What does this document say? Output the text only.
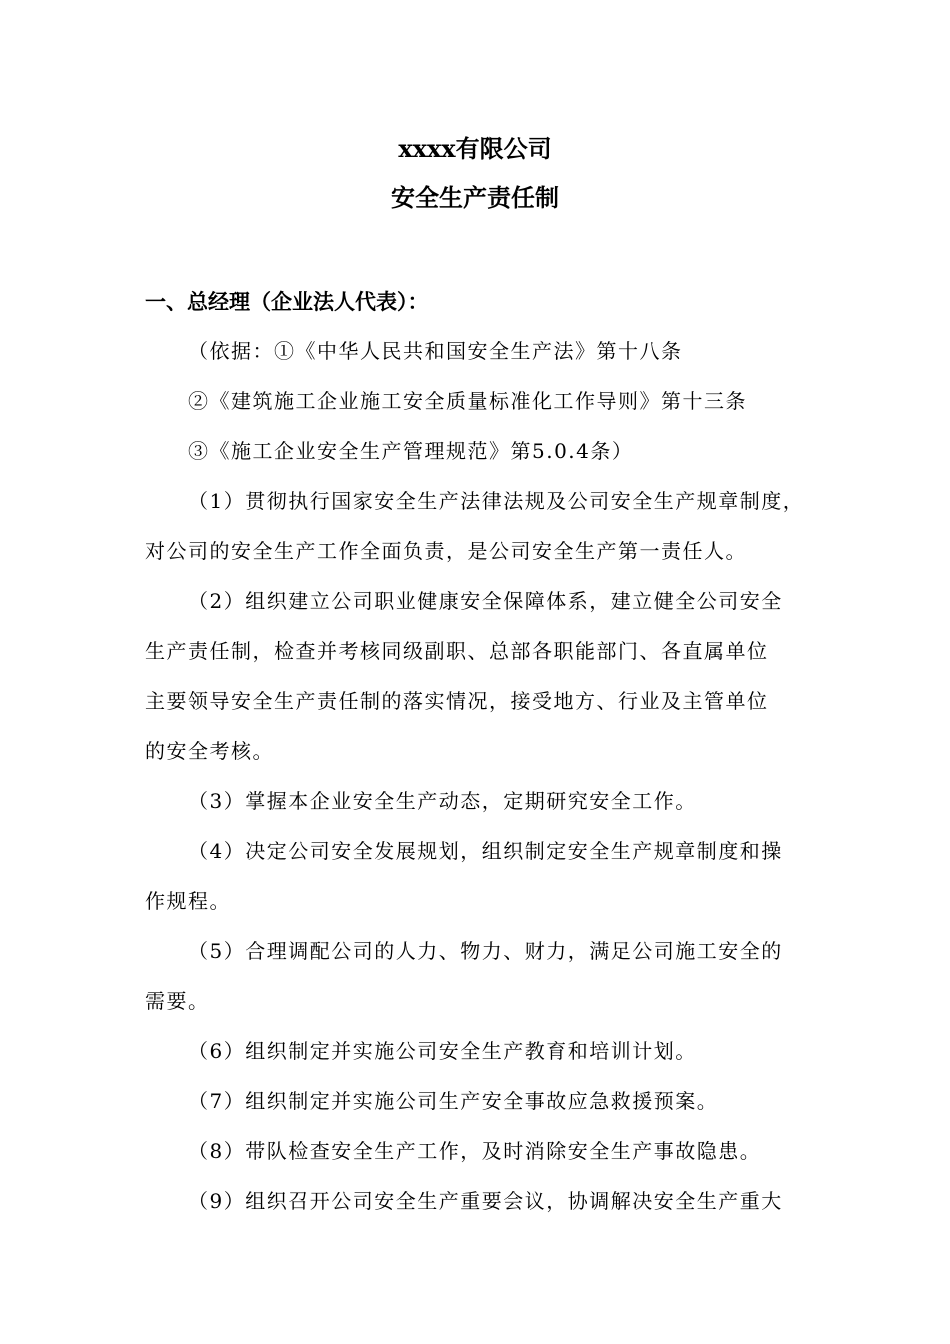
xxxx有限公司
安全生产责任制
一、总经理（企业法人代表）：
（依据：①《中华人民共和国安全生产法》第十八条
②《建筑施工企业施工安全质量标准化工作导则》第十三条
③《施工企业安全生产管理规范》第5.0.4条）
（1）贯彻执行国家安全生产法律法规及公司安全生产规章制度，
对公司的安全生产工作全面负责，是公司安全生产第一责任人。
（2）组织建立公司职业健康安全保障体系，建立健全公司安全
生产责任制，检查并考核同级副职、总部各职能部门、各直属单位
主要领导安全生产责任制的落实情况，接受地方、行业及主管单位
的安全考核。
（3）掌握本企业安全生产动态，定期研究安全工作。
（4）决定公司安全发展规划，组织制定安全生产规章制度和操
作规程。
（5）合理调配公司的人力、物力、财力，满足公司施工安全的
需要。
（6）组织制定并实施公司安全生产教育和培训计划。
（7）组织制定并实施公司生产安全事故应急救援预案。
（8）带队检查安全生产工作，及时消除安全生产事故隐患。
（9）组织召开公司安全生产重要会议，协调解决安全生产重大
